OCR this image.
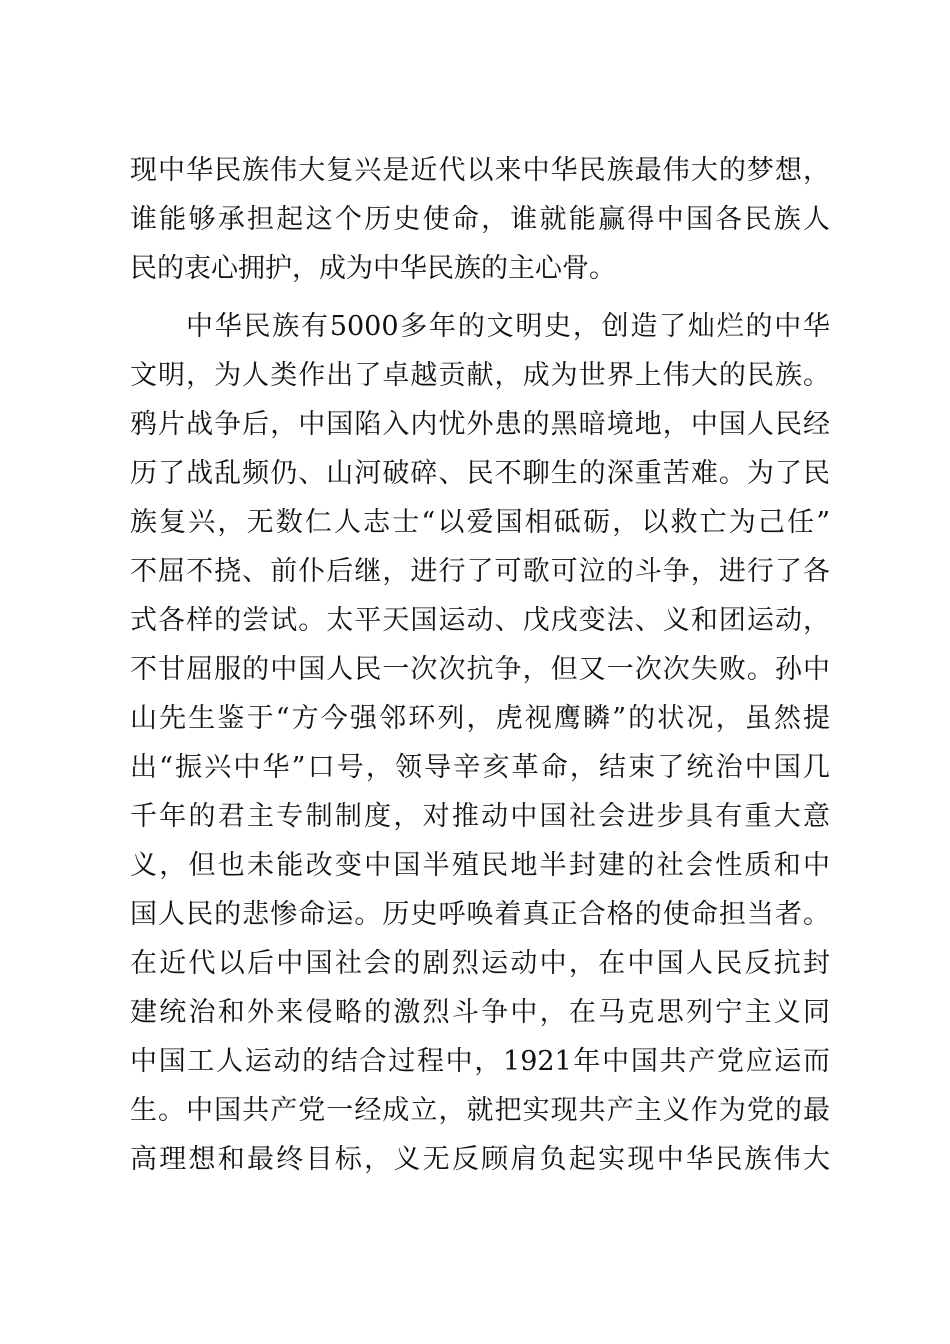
现中华民族伟大复兴是近代以来中华民族最伟大的梦想，
谁能够承担起这个历史使命，谁就能赢得中国各民族人
民的衷心拥护，成为中华民族的主心骨。
中华民族有5000多年的文明史，创造了灿烂的中华
文明，为人类作出了卓越贡献，成为世界上伟大的民族。
鸦片战争后，中国陷入内忧外患的黑暗境地，中国人民经
历了战乱频仍、山河破碎、民不聊生的深重苦难。为了民
族复兴，无数仁人志士“以爱国相砥砺，以救亡为己任”
不屈不挠、前仆后继，进行了可歌可泣的斗争，进行了各
式各样的尝试。太平天国运动、戊戌变法、义和团运动，
不甘屈服的中国人民一次次抗争，但又一次次失败。孙中
山先生鉴于“方今强邻环列，虎视鹰瞵”的状况，虽然提
出“振兴中华”口号，领导辛亥革命，结束了统治中国几
千年的君主专制制度，对推动中国社会进步具有重大意
义，但也未能改变中国半殖民地半封建的社会性质和中
国人民的悲惨命运。历史呼唤着真正合格的使命担当者。
在近代以后中国社会的剧烈运动中，在中国人民反抗封
建统治和外来侵略的激烈斗争中，在马克思列宁主义同
中国工人运动的结合过程中，1921年中国共产党应运而
生。中国共产党一经成立，就把实现共产主义作为党的最
高理想和最终目标，义无反顾肩负起实现中华民族伟大
